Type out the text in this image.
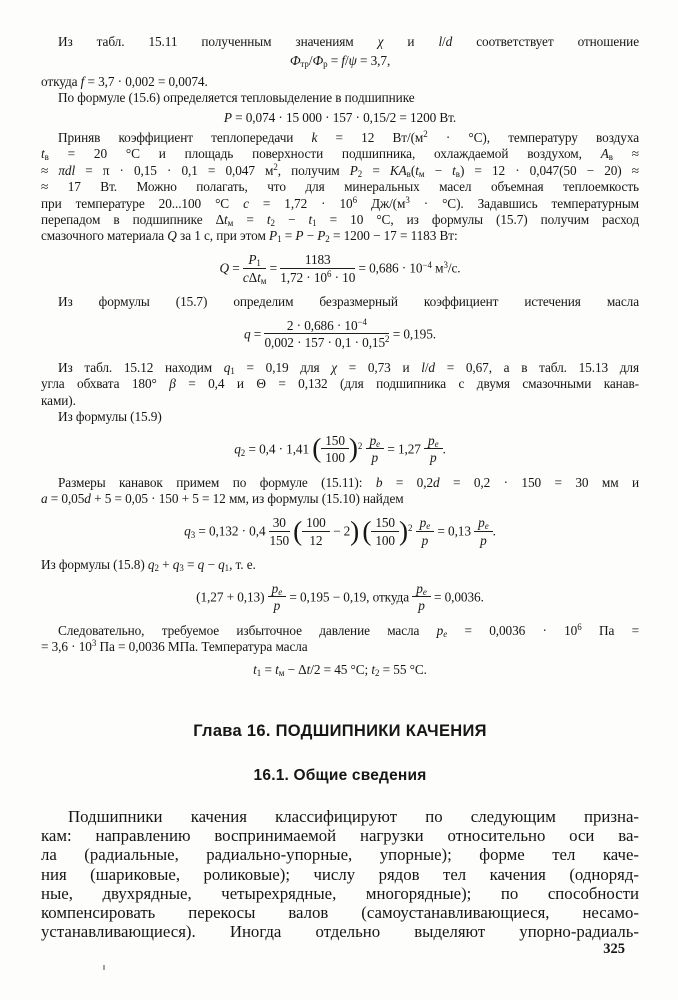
Из табл. 15.11 полученным значениям χ и l/d соответствует отношение
$Ф_{тр}/Ф_р = f/\psi = 3,7$,
откуда f = 3,7 · 0,002 = 0,0074.
По формуле (15.6) определяется тепловыделение в подшипнике
P = 0,074 · 15 000 · 157 · 0,15/2 = 1200 Вт.
Приняв коэффициент теплопередачи k = 12 $Вт/(м^2 \cdot ^\circ С)$, температуру воздуха
$t_в = 20$ °С и площадь поверхности подшипника, охлаждаемой воздухом, $A_в$ ≈
≈ πdl = π · 0,15 · 0,1 = 0,047 $м^2$, получим $P_2 = KA_в(t_м - t_в) = 12 \cdot 0,047(50 - 20)$ ≈
≈ 17 Вт. Можно полагать, что для минеральных масел объемная теплоемкость
при температуре 20...100 °С $c = 1,72 \cdot 10^6$ $Дж/(м^3 \cdot ^\circ С)$. Задавшись температурным
перепадом в подшипнике $\Delta t_м = t_2 - t_1 = 10$ °С, из формулы (15.7) получим расход
смазочного материала Q за 1 с, при этом $P_1 = P - P_2 = 1200 - 17 = 1183$ Вт:
$Q = \frac{P_1}{c\Delta t_м} = \frac{1183}{1,72 \cdot 10^6 \cdot 10} = 0,686 \cdot 10^{-4}$ $м^3/с$.
Из формулы (15.7) определим безразмерный коэффициент истечения масла
$q = \frac{2 \cdot 0,686 \cdot 10^{-4}}{0,002 \cdot 157 \cdot 0,1 \cdot 0,15^2} = 0,195$.
Из табл. 15.12 находим $q_1 = 0,19$ для χ = 0,73 и l/d = 0,67, а в табл. 15.13 для
угла обхвата 180° β = 0,4 и Θ = 0,132 (для подшипника с двумя смазочными канав-
ками).
Из формулы (15.9)
$q_2 = 0,4 \cdot 1,41$ ( $\frac{150}{100} )^2 \frac{p_е}{p} = 1,27 \frac{p_е}{p}$ .
Размеры канавок примем по формуле (15.11): b = 0,2d = 0,2 · 150 = 30 мм и
a = 0,05d + 5 = 0,05 · 150 + 5 = 12 мм, из формулы (15.10) найдем
$q_3 = 0,132 \cdot 0,4 \frac{30}{150}$ ( $\frac{100}{12} - 2$) ( $\frac{150}{100} )^2 \frac{p_е}{p} = 0,13 \frac{p_е}{p}$ .
Из формулы (15.8) $q_2 + q_3 = q - q_1$, т. е.
$(1,27 + 0,13) \frac{p_е}{p} = 0,195 - 0,19$, откуда $\frac{p_е}{p} = 0,0036$.
Следовательно, требуемое избыточное давление масла $p_е = 0,0036 \cdot 10^6$ Па =
= $3,6 \cdot 10^3$ Па = 0,0036 МПа. Температура масла
$t_1 = t_м - \Delta t/2 = 45$ °С; $t_2 = 55$ °С.
Глава 16. ПОДШИПНИКИ КАЧЕНИЯ
16.1. Общие сведения
Подшипники качения классифицируют по следующим призна-
кам: направлению воспринимаемой нагрузки относительно оси ва-
ла (радиальные, радиально-упорные, упорные); форме тел каче-
ния (шариковые, роликовые); числу рядов тел качения (одноряд-
ные, двухрядные, четырехрядные, многорядные); по способности
компенсировать перекосы валов (самоустанавливающиеся, несамо-
устанавливающиеся). Иногда отдельно выделяют упорно-радиаль-
325
